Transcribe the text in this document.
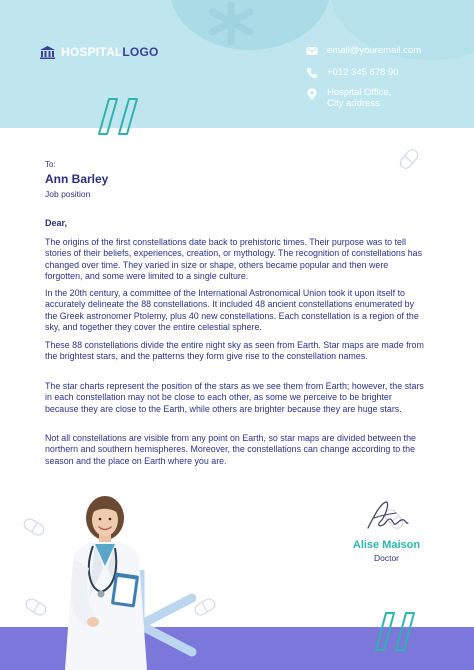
HOSPITAL LOGO	email@youremail.com
+012 345 678 90
Hospital Office,
City address
To:
Ann Barley
Job position
Dear,

The origins of the first constellations date back to prehistoric times. Their purpose was to tell stories of their beliefs, experiences, creation, or mythology. The recognition of constellations has changed over time. They varied in size or shape, others became popular and then were forgotten, and some were limited to a single culture.

In the 20th century, a committee of the International Astronomical Union took it upon itself to accurately delineate the 88 constellations. It included 48 ancient constellations enumerated by the Greek astronomer Ptolemy, plus 40 new constellations. Each constellation is a region of the sky, and together they cover the entire celestial sphere.

These 88 constellations divide the entire night sky as seen from Earth. Star maps are made from the brightest stars, and the patterns they form give rise to the constellation names.

The star charts represent the position of the stars as we see them from Earth; however, the stars in each constellation may not be close to each other, as some we perceive to be brighter because they are close to the Earth, while others are brighter because they are huge stars.

Not all constellations are visible from any point on Earth, so star maps are divided between the northern and southern hemispheres. Moreover, the constellations can change according to the season and the place on Earth where you are.

Alise Maison
Doctor
